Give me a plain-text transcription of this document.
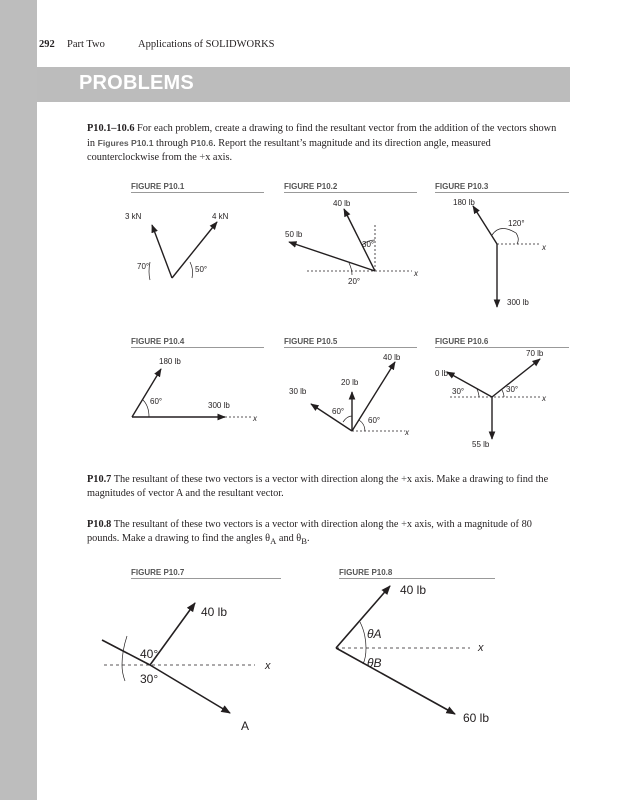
292 Part Two	Applications of SOLIDWORKS
PROBLEMS
P10.1–10.6 For each problem, create a drawing to find the resultant vector from the addition of the vectors shown in Figures P10.1 through P10.6. Report the resultant’s magnitude and its direction angle, measured counterclockwise from the +x axis.
FIGURE P10.1	FIGURE P10.2	FIGURE P10.3
3 kN	4 kN
70°	50°
40 lb
50 lb
30°
20°
x
180 lb
120°
x
300 lb
FIGURE P10.4	FIGURE P10.5	FIGURE P10.6
180 lb
60°	300 lb
x
40 lb
20 lb
30 lb
60°
60°
x
70 lb
0 lb
30°	30°
x
55 lb
P10.7 The resultant of these two vectors is a vector with direction along the +x axis. Make a drawing to find the magnitudes of vector A and the resultant vector.
P10.8 The resultant of these two vectors is a vector with direction along the +x axis, with a magnitude of 80 pounds. Make a drawing to find the angles $\theta_A$ and $\theta_B$.
FIGURE P10.7	FIGURE P10.8
40 lb
40°
30°
x
A
40 lb
θA
θB
x
60 lb
